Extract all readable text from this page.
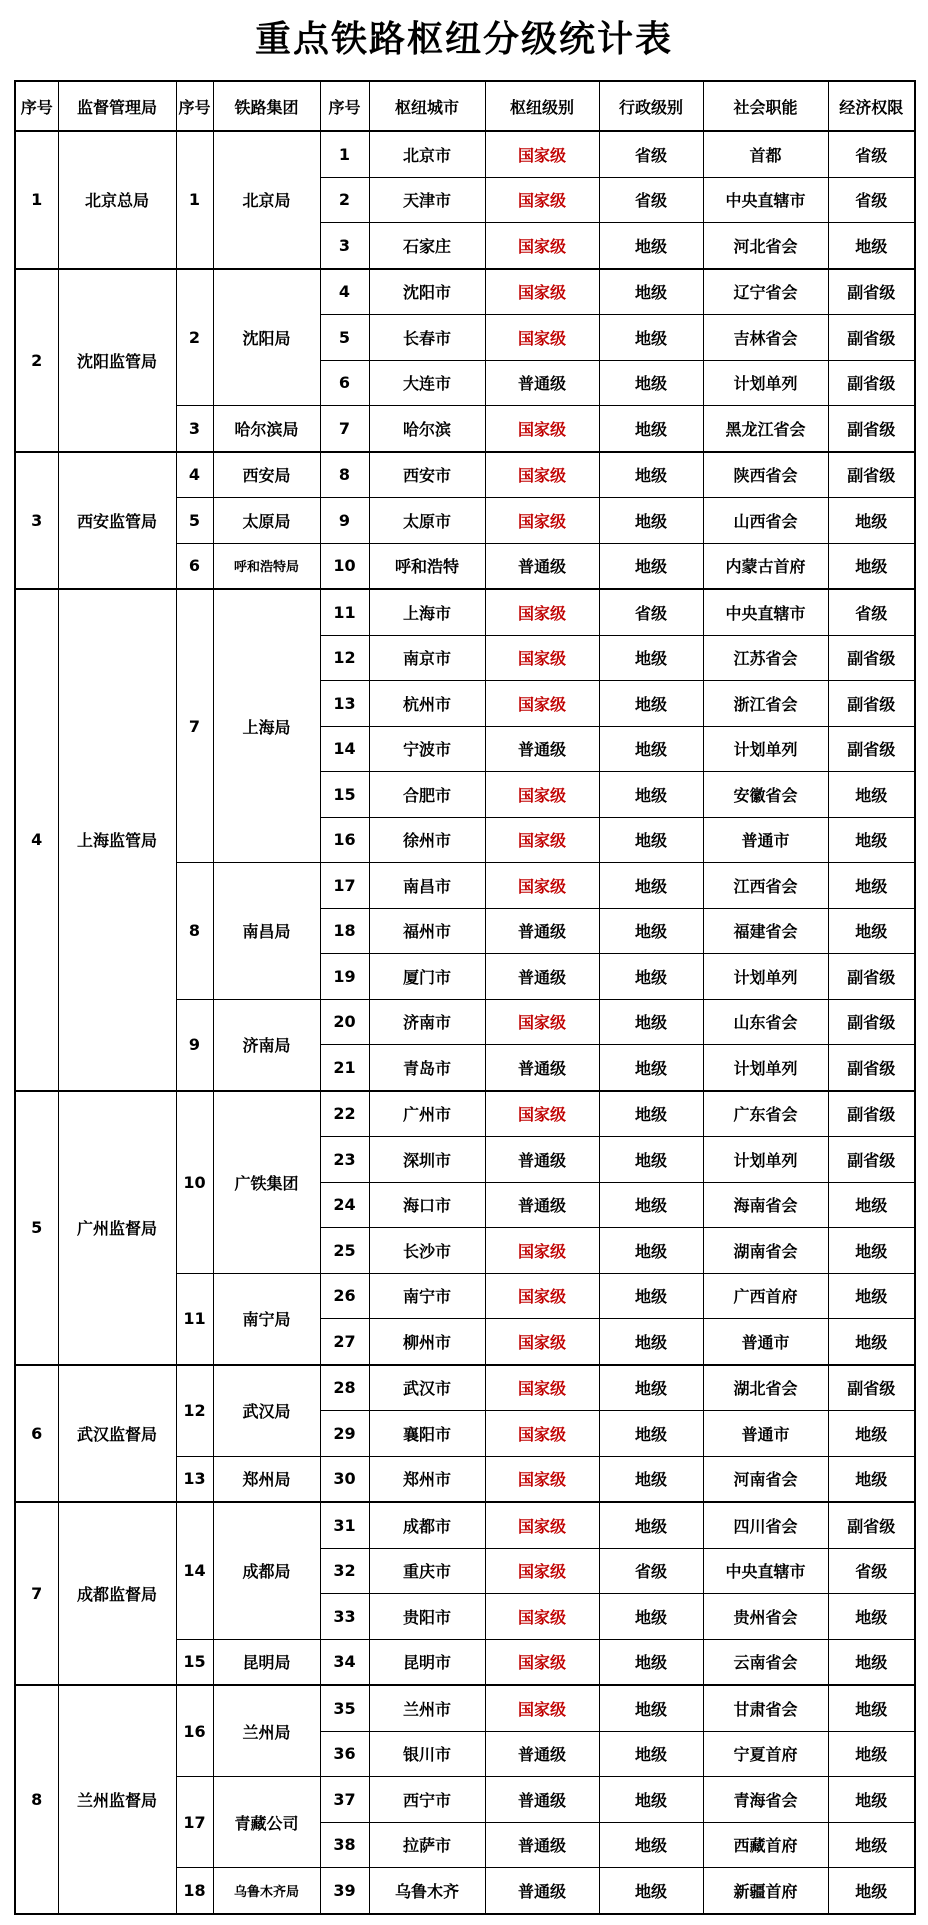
重点铁路枢纽分级统计表
序号	监督管理局	序号	铁路集团	序号	枢纽城市	枢纽级别	行政级别	社会职能	经济权限
1	北京总局	1	北京局	1	北京市	国家级	省级	首都	省级
				2	天津市	国家级	省级	中央直辖市	省级
				3	石家庄	国家级	地级	河北省会	地级
2	沈阳监管局	2	沈阳局	4	沈阳市	国家级	地级	辽宁省会	副省级
				5	长春市	国家级	地级	吉林省会	副省级
				6	大连市	普通级	地级	计划单列	副省级
		3	哈尔滨局	7	哈尔滨	国家级	地级	黑龙江省会	副省级
3	西安监管局	4	西安局	8	西安市	国家级	地级	陕西省会	副省级
		5	太原局	9	太原市	国家级	地级	山西省会	地级
		6	呼和浩特局	10	呼和浩特	普通级	地级	内蒙古首府	地级
4	上海监管局	7	上海局	11	上海市	国家级	省级	中央直辖市	省级
				12	南京市	国家级	地级	江苏省会	副省级
				13	杭州市	国家级	地级	浙江省会	副省级
				14	宁波市	普通级	地级	计划单列	副省级
				15	合肥市	国家级	地级	安徽省会	地级
				16	徐州市	国家级	地级	普通市	地级
		8	南昌局	17	南昌市	国家级	地级	江西省会	地级
				18	福州市	普通级	地级	福建省会	地级
				19	厦门市	普通级	地级	计划单列	副省级
		9	济南局	20	济南市	国家级	地级	山东省会	副省级
				21	青岛市	普通级	地级	计划单列	副省级
5	广州监督局	10	广铁集团	22	广州市	国家级	地级	广东省会	副省级
				23	深圳市	普通级	地级	计划单列	副省级
				24	海口市	普通级	地级	海南省会	地级
				25	长沙市	国家级	地级	湖南省会	地级
		11	南宁局	26	南宁市	国家级	地级	广西首府	地级
				27	柳州市	国家级	地级	普通市	地级
6	武汉监督局	12	武汉局	28	武汉市	国家级	地级	湖北省会	副省级
				29	襄阳市	国家级	地级	普通市	地级
		13	郑州局	30	郑州市	国家级	地级	河南省会	地级
7	成都监督局	14	成都局	31	成都市	国家级	地级	四川省会	副省级
				32	重庆市	国家级	省级	中央直辖市	省级
				33	贵阳市	国家级	地级	贵州省会	地级
		15	昆明局	34	昆明市	国家级	地级	云南省会	地级
8	兰州监督局	16	兰州局	35	兰州市	国家级	地级	甘肃省会	地级
				36	银川市	普通级	地级	宁夏首府	地级
		17	青藏公司	37	西宁市	普通级	地级	青海省会	地级
				38	拉萨市	普通级	地级	西藏首府	地级
		18	乌鲁木齐局	39	乌鲁木齐	普通级	地级	新疆首府	地级
